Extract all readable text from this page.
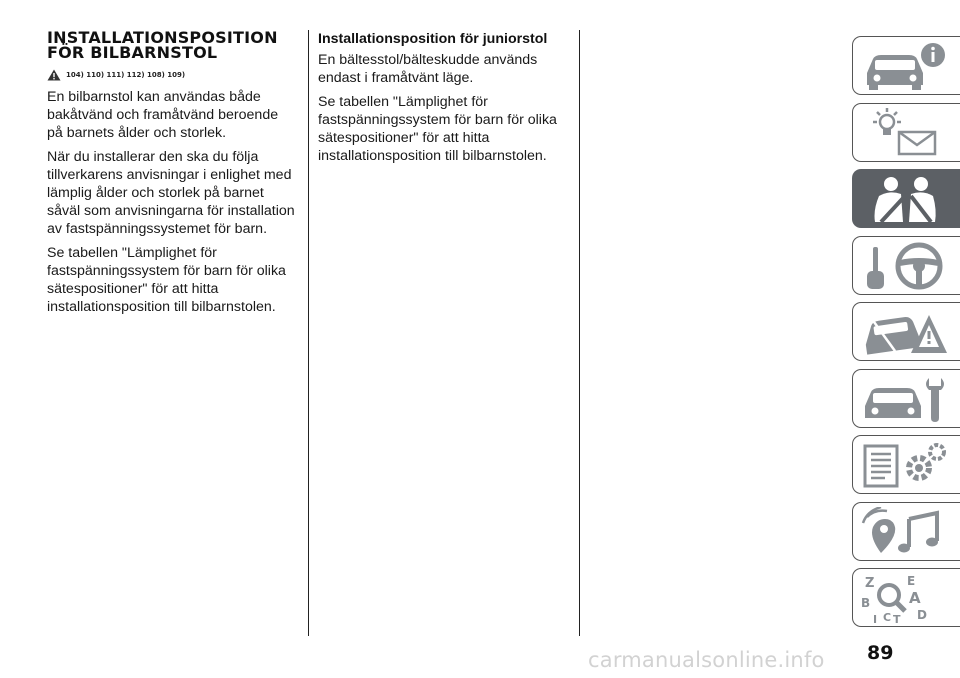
INSTALLATIONSPOSITION
FÖR BILBARNSTOL
104) 110) 111) 112) 108) 109)

En bilbarnstol kan användas både bakåtvänd och framåtvänd beroende på barnets ålder och storlek.

När du installerar den ska du följa tillverkarens anvisningar i enlighet med lämplig ålder och storlek på barnet såväl som anvisningarna för installation av fastspänningssystemet för barn.

Se tabellen "Lämplighet för fastspänningssystem för barn för olika sätespositioner" för att hitta installationsposition till bilbarnstolen.

Installationsposition för juniorstol

En bältesstol/bälteskudde används endast i framåtvänt läge.

Se tabellen "Lämplighet för fastspänningssystem för barn för olika sätespositioner" för att hitta installationsposition till bilbarnstolen.

Z	E
B	A
D
C T
I
89
carmanualsonline.info
